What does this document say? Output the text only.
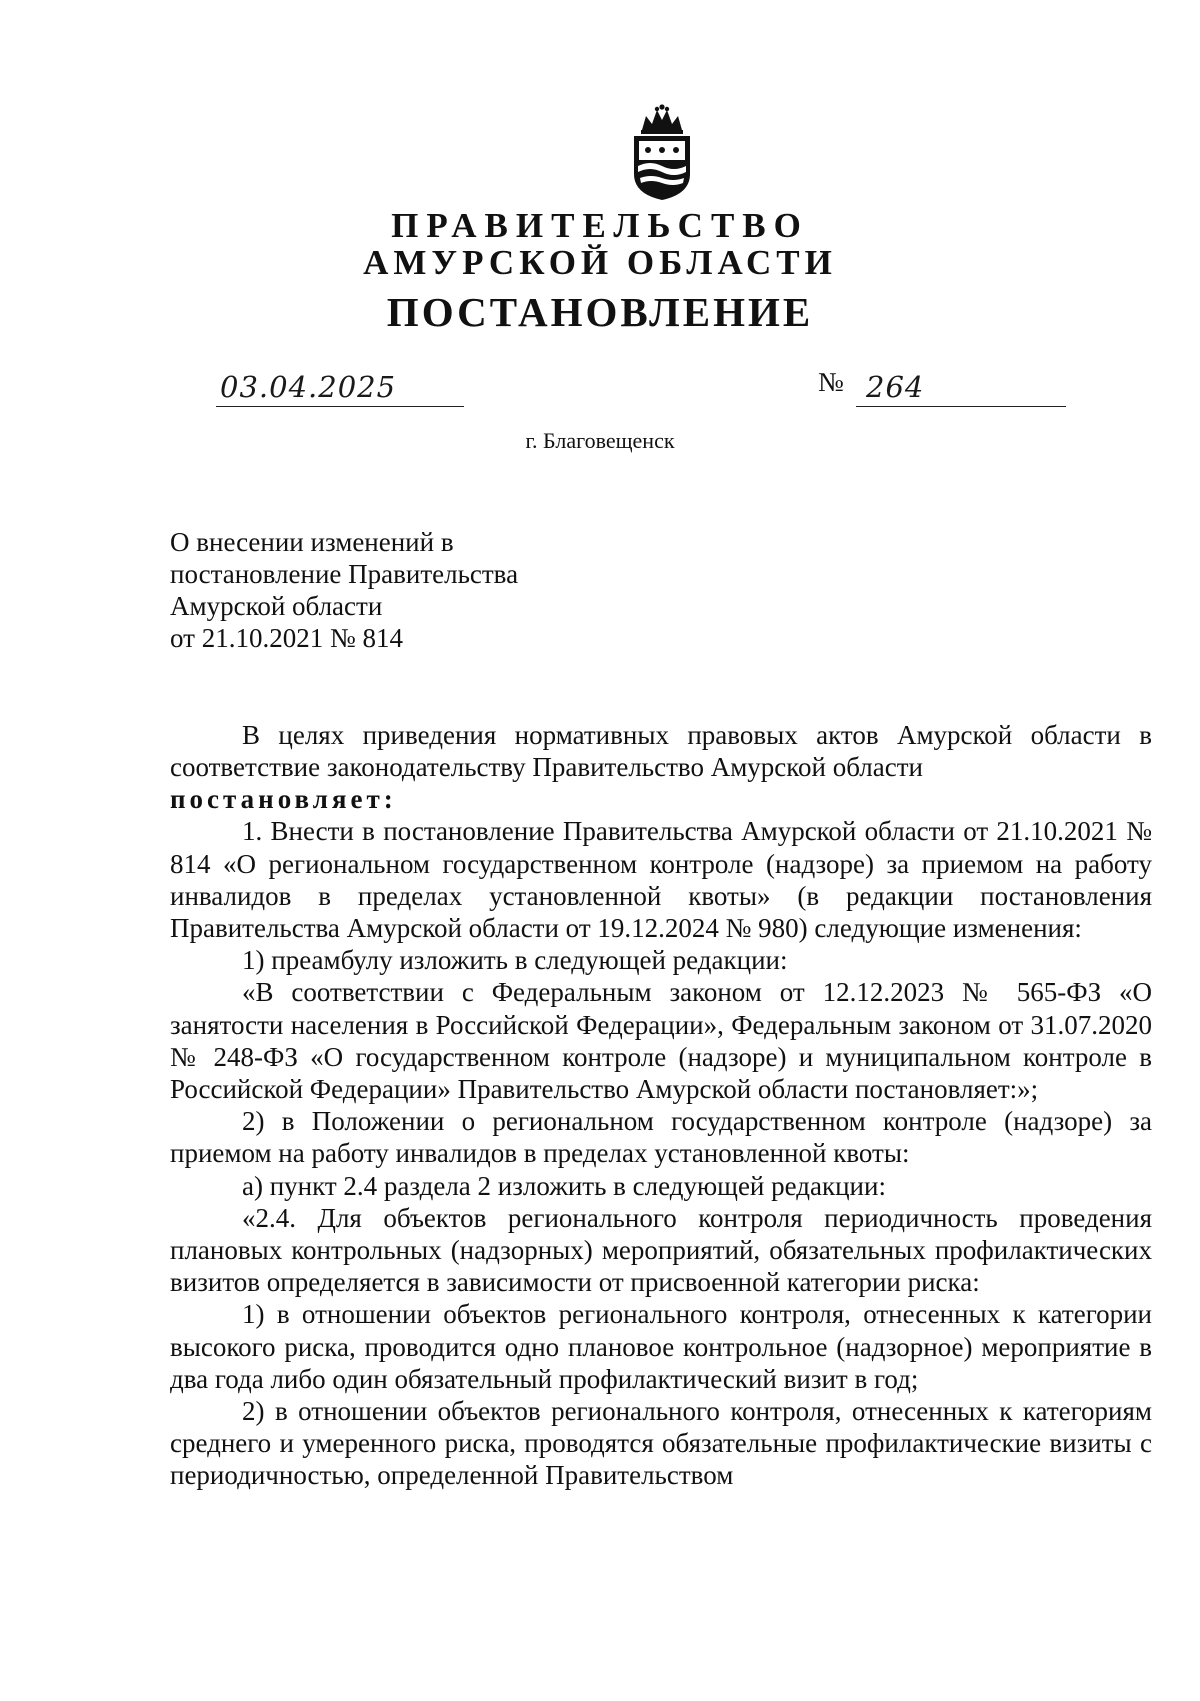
ПРАВИТЕЛЬСТВО
АМУРСКОЙ ОБЛАСТИ
ПОСТАНОВЛЕНИЕ
03.04.2025	№ 264
г. Благовещенск
О внесении изменений в
постановление Правительства
Амурской области
от 21.10.2021 № 814

В целях приведения нормативных правовых актов Амурской области в соответствие законодательству Правительство Амурской области

постановляет:

1. Внести в постановление Правительства Амурской области от 21.10.2021 № 814 «О региональном государственном контроле (надзоре) за приемом на работу инвалидов в пределах установленной квоты» (в редакции постановления Правительства Амурской области от 19.12.2024 № 980) следующие изменения:

1) преамбулу изложить в следующей редакции:

«В соответствии с Федеральным законом от 12.12.2023 № 565-ФЗ «О занятости населения в Российской Федерации», Федеральным законом от 31.07.2020 № 248-ФЗ «О государственном контроле (надзоре) и муниципальном контроле в Российской Федерации» Правительство Амурской области постановляет:»;

2) в Положении о региональном государственном контроле (надзоре) за приемом на работу инвалидов в пределах установленной квоты:

а) пункт 2.4 раздела 2 изложить в следующей редакции:

«2.4. Для объектов регионального контроля периодичность проведения плановых контрольных (надзорных) мероприятий, обязательных профилактических визитов определяется в зависимости от присвоенной категории риска:

1) в отношении объектов регионального контроля, отнесенных к категории высокого риска, проводится одно плановое контрольное (надзорное) мероприятие в два года либо один обязательный профилактический визит в год;

2) в отношении объектов регионального контроля, отнесенных к категориям среднего и умеренного риска, проводятся обязательные профилактические визиты с периодичностью, определенной Правительством
